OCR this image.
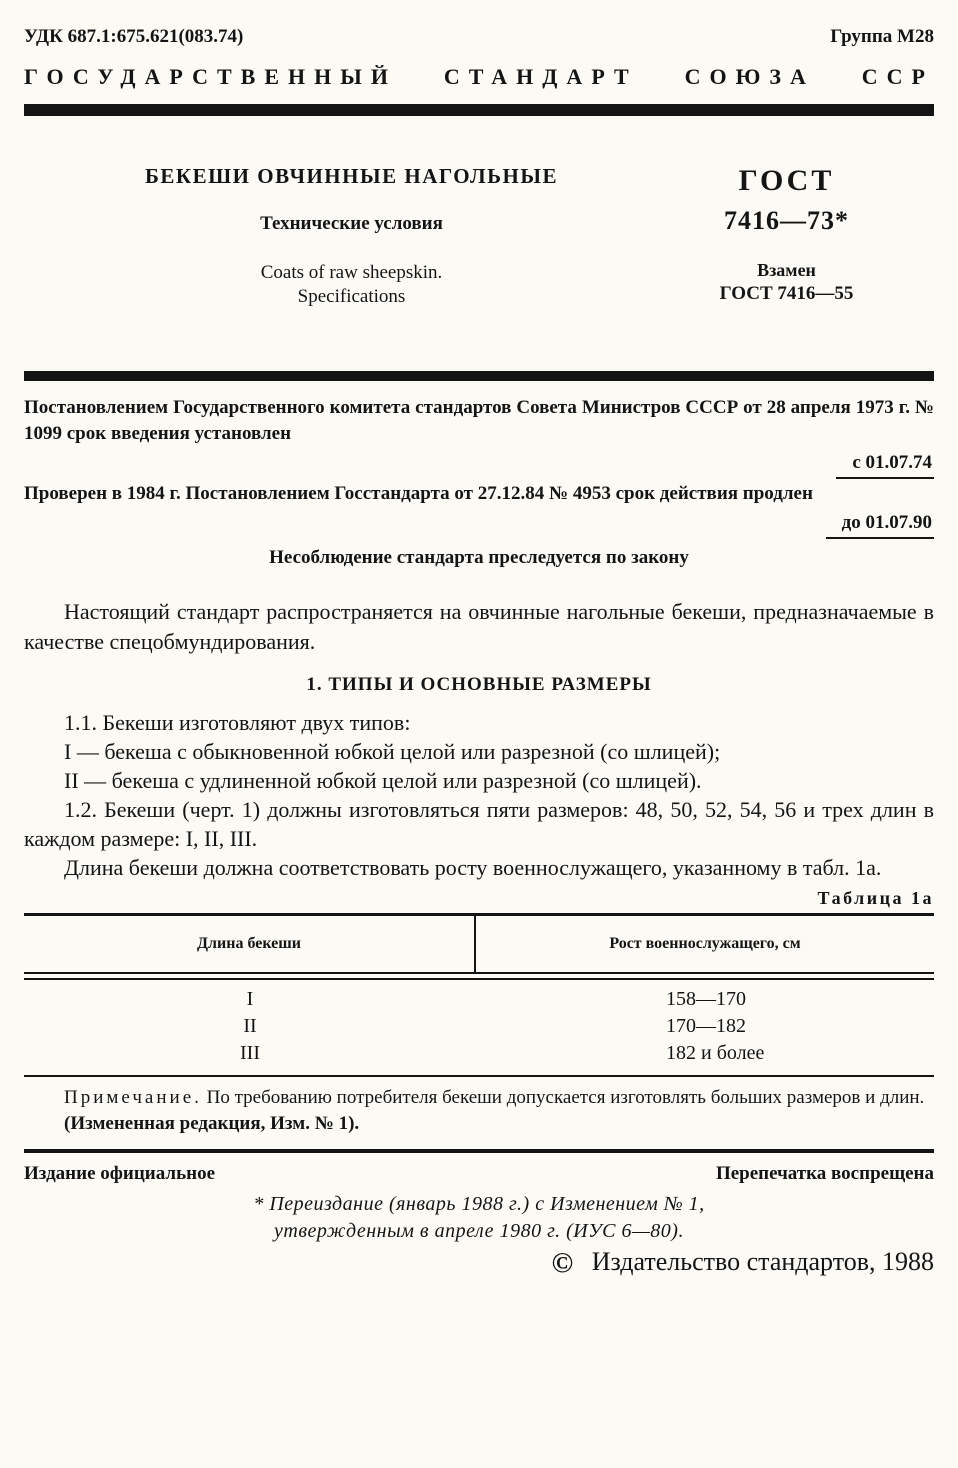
УДК 687.1:675.621(083.74)	Группа М28
ГОСУДАРСТВЕННЫЙ СТАНДАРТ СОЮЗА ССР
БЕКЕШИ ОВЧИННЫЕ НАГОЛЬНЫЕ
Технические условия
Coats of raw sheepskin.
Specifications
ГОСТ
7416—73*
Взамен
ГОСТ 7416—55

Постановлением Государственного комитета стандартов Совета Министров СССР от 28 апреля 1973 г. № 1099 срок введения установлен

с 01.07.74

Проверен в 1984 г. Постановлением Госстандарта от 27.12.84 № 4953 срок действия продлен

до 01.07.90
Несоблюдение стандарта преследуется по закону

Настоящий стандарт распространяется на овчинные нагольные бекеши, предназначаемые в качестве спецобмундирования.

1. ТИПЫ И ОСНОВНЫЕ РАЗМЕРЫ

1.1. Бекеши изготовляют двух типов:

I — бекеша с обыкновенной юбкой целой или разрезной (со шлицей);

II — бекеша с удлиненной юбкой целой или разрезной (со шлицей).

1.2. Бекеши (черт. 1) должны изготовляться пяти размеров: 48, 50, 52, 54, 56 и трех длин в каждом размере: I, II, III.

Длина бекеши должна соответствовать росту военнослужащего, указанному в табл. 1а.

Таблица 1а
Длина бекеши	Рост военнослужащего, см
I	158—170
II	170—182
III	182 и более

Примечание. По требованию потребителя бекеши допускается изготовлять больших размеров и длин.

(Измененная редакция, Изм. № 1).

Издание официальное	Перепечатка воспрещена
* Переиздание (январь 1988 г.) с Изменением № 1,
утвержденным в апреле 1980 г. (ИУС 6—80).
© Издательство стандартов, 1988
